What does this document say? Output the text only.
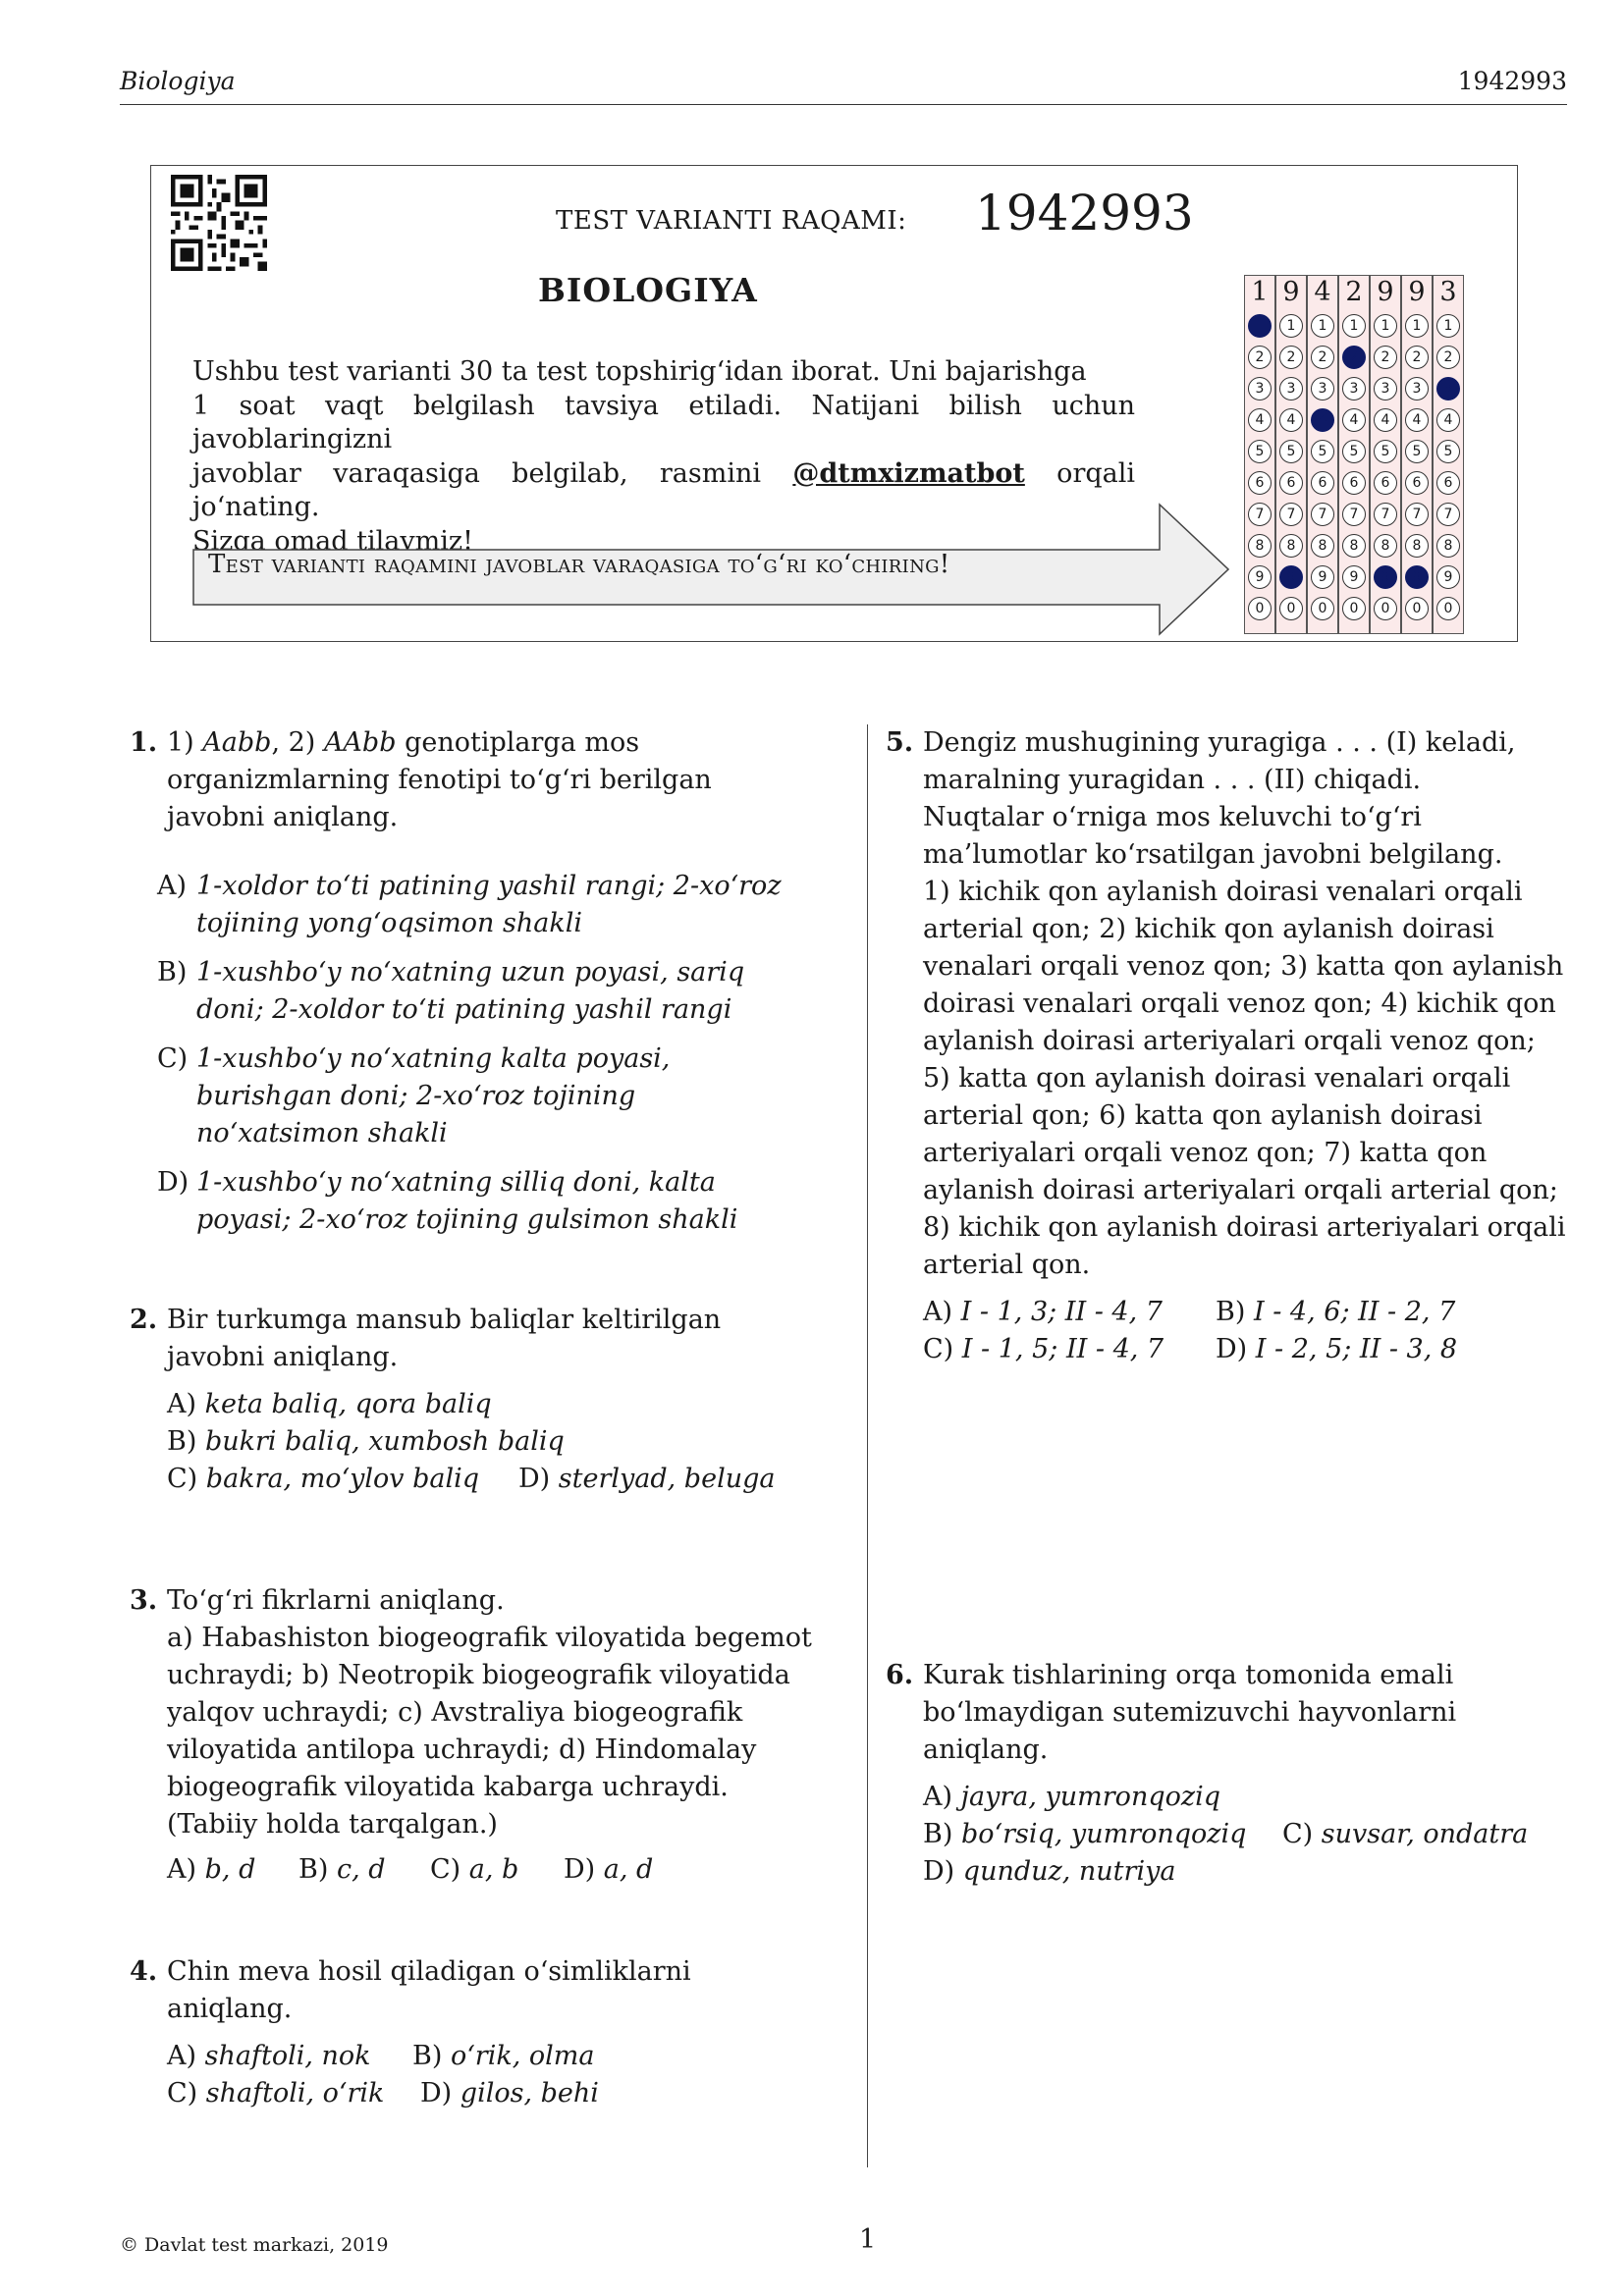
Biologiya	1942993
TEST VARIANTI RAQAMI: 1942993
BIOLOGIYA

Ushbu test varianti 30 ta test topshirig‘idan iborat. Uni bajarishga

1 soat vaqt belgilash tavsiya etiladi. Natijani bilish uchun javoblaringizni

javoblar varaqasiga belgilab, rasmini @dtmxizmatbot orqali jo‘nating.

Sizga omad tilaymiz!

Test varianti raqamini javoblar varaqasiga to‘g‘ri ko‘chiring!
1
1
2
3
4
5
6
7
8
9
0
9
1
2
3
4
5
6
7
8
9
0
4
1
2
3
4
5
6
7
8
9
0
2
1
2
3
4
5
6
7
8
9
0
9
1
2
3
4
5
6
7
8
9
0
9
1
2
3
4
5
6
7
8
9
0
3
1
2
3
4
5
6
7
8
9
0
1. 1) Aabb, 2) AAbb genotiplarga mos

organizmlarning fenotipi to‘g‘ri berilgan

javobni aniqlang.

A) 1-xoldor to‘ti patining yashil rangi; 2-xo‘roz
tojining yong‘oqsimon shakli
B) 1-xushbo‘y no‘xatning uzun poyasi, sariq
doni; 2-xoldor to‘ti patining yashil rangi
C) 1-xushbo‘y no‘xatning kalta poyasi,
burishgan doni; 2-xo‘roz tojining
no‘xatsimon shakli
D) 1-xushbo‘y no‘xatning silliq doni, kalta
poyasi; 2-xo‘roz tojining gulsimon shakli
2. Bir turkumga mansub baliqlar keltirilgan

javobni aniqlang.

A) keta baliq, qora baliq
B) bukri baliq, xumbosh baliq
C) bakra, mo‘ylov baliq D) sterlyad, beluga
3. To‘g‘ri fikrlarni aniqlang.

a) Habashiston biogeografik viloyatida begemot

uchraydi; b) Neotropik biogeografik viloyatida

yalqov uchraydi; c) Avstraliya biogeografik

viloyatida antilopa uchraydi; d) Hindomalay

biogeografik viloyatida kabarga uchraydi.

(Tabiiy holda tarqalgan.)

A) b, d B) c, d C) a, b D) a, d
4. Chin meva hosil qiladigan o‘simliklarni

aniqlang.

A) shaftoli, nok B) o‘rik, olma
C) shaftoli, o‘rik D) gilos, behi
5. Dengiz mushugining yuragiga . . . (I) keladi,

maralning yuragidan . . . (II) chiqadi.

Nuqtalar o‘rniga mos keluvchi to‘g‘ri

ma’lumotlar ko‘rsatilgan javobni belgilang.

1) kichik qon aylanish doirasi venalari orqali

arterial qon; 2) kichik qon aylanish doirasi

venalari orqali venoz qon; 3) katta qon aylanish

doirasi venalari orqali venoz qon; 4) kichik qon

aylanish doirasi arteriyalari orqali venoz qon;

5) katta qon aylanish doirasi venalari orqali

arterial qon; 6) katta qon aylanish doirasi

arteriyalari orqali venoz qon; 7) katta qon

aylanish doirasi arteriyalari orqali arterial qon;

8) kichik qon aylanish doirasi arteriyalari orqali

arterial qon.

A) I - 1, 3; II - 4, 7 B) I - 4, 6; II - 2, 7
C) I - 1, 5; II - 4, 7 D) I - 2, 5; II - 3, 8
6. Kurak tishlarining orqa tomonida emali

bo‘lmaydigan sutemizuvchi hayvonlarni

aniqlang.

A) jayra, yumronqoziq
B) bo‘rsiq, yumronqoziq C) suvsar, ondatra
D) qunduz, nutriya
© Davlat test markazi, 2019	1
